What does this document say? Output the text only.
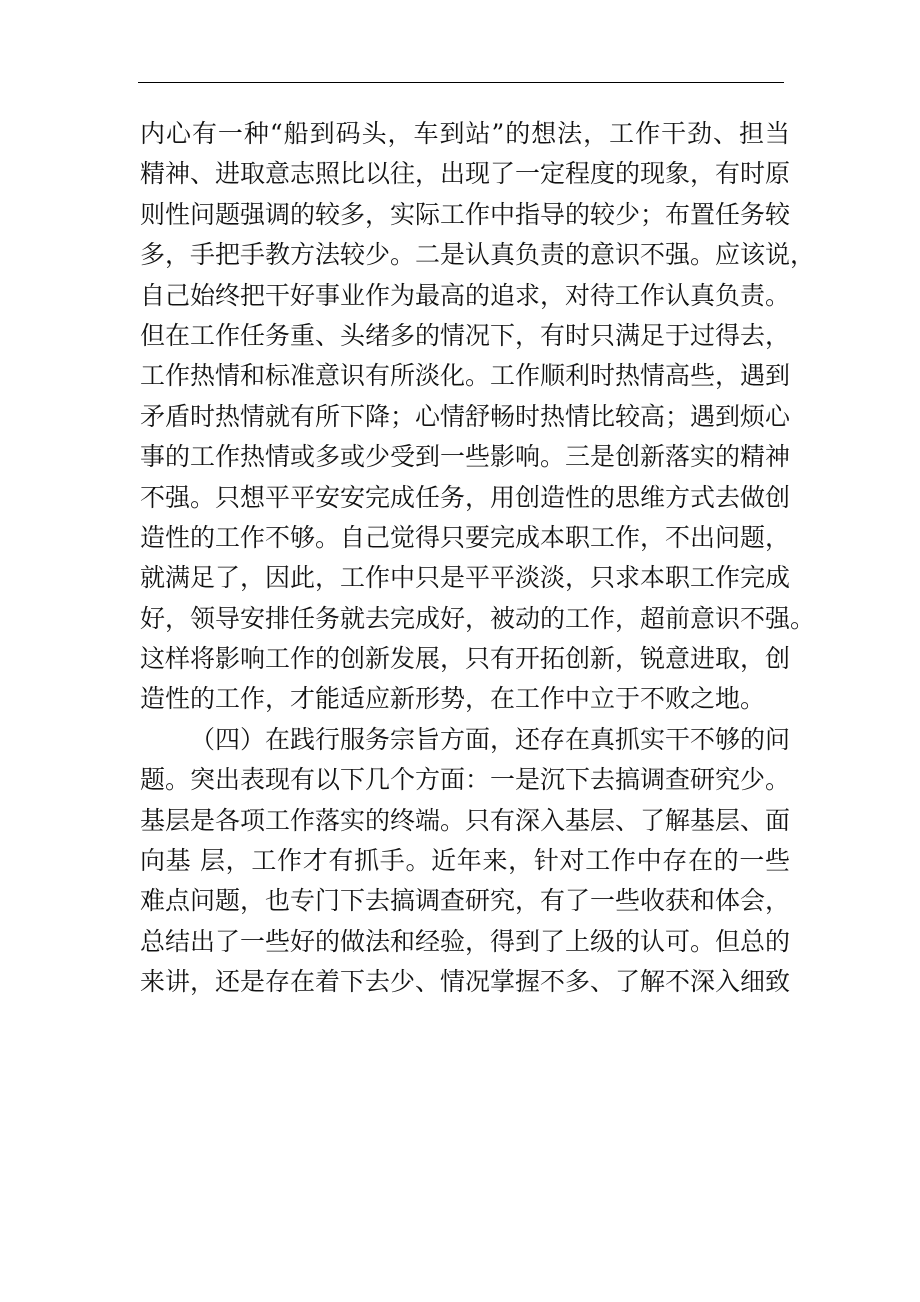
内心有一种“船到码头，车到站”的想法，工作干劲、担当
精神、进取意志照比以往，出现了一定程度的现象，有时原
则性问题强调的较多，实际工作中指导的较少；布置任务较
多，手把手教方法较少。二是认真负责的意识不强。应该说，
自己始终把干好事业作为最高的追求，对待工作认真负责。
但在工作任务重、头绪多的情况下，有时只满足于过得去，
工作热情和标准意识有所淡化。工作顺利时热情高些，遇到
矛盾时热情就有所下降；心情舒畅时热情比较高；遇到烦心
事的工作热情或多或少受到一些影响。三是创新落实的精神
不强。只想平平安安完成任务，用创造性的思维方式去做创
造性的工作不够。自己觉得只要完成本职工作，不出问题，
就满足了，因此，工作中只是平平淡淡，只求本职工作完成
好，领导安排任务就去完成好，被动的工作，超前意识不强。
这样将影响工作的创新发展，只有开拓创新，锐意进取，创
造性的工作，才能适应新形势，在工作中立于不败之地。
（四）在践行服务宗旨方面，还存在真抓实干不够的问
题。突出表现有以下几个方面：一是沉下去搞调查研究少。
基层是各项工作落实的终端。只有深入基层、了解基层、面
向基 层，工作才有抓手。近年来，针对工作中存在的一些
难点问题，也专门下去搞调查研究，有了一些收获和体会，
总结出了一些好的做法和经验，得到了上级的认可。但总的
来讲，还是存在着下去少、情况掌握不多、了解不深入细致
